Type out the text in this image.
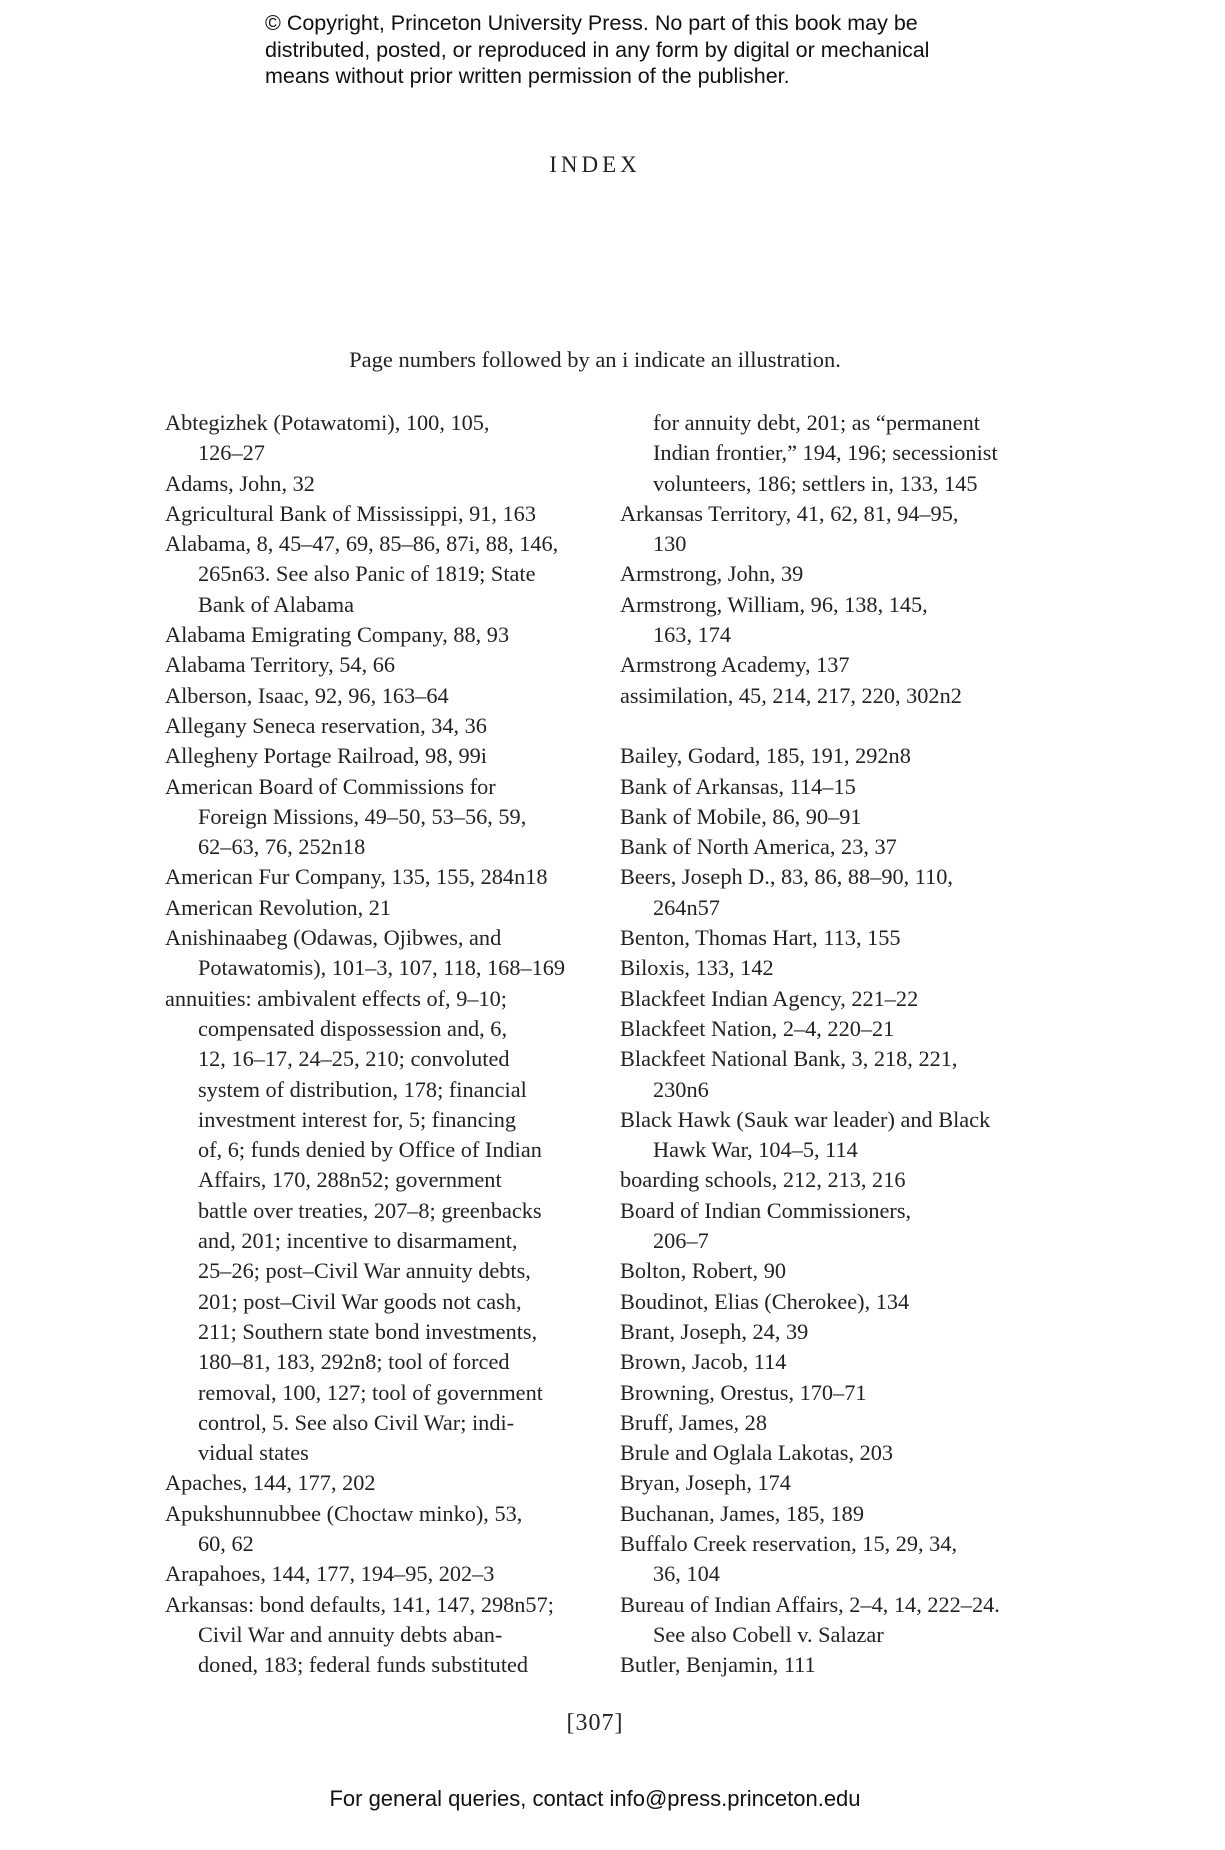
© Copyright, Princeton University Press. No part of this book may be
distributed, posted, or reproduced in any form by digital or mechanical
means without prior written permission of the publisher.
INDEX
Page numbers followed by an i indicate an illustration.
Abtegizhek (Potawatomi), 100, 105,
126–27
Adams, John, 32
Agricultural Bank of Mississippi, 91, 163
Alabama, 8, 45–47, 69, 85–86, 87i, 88, 146,
265n63. See also Panic of 1819; State
Bank of Alabama
Alabama Emigrating Company, 88, 93
Alabama Territory, 54, 66
Alberson, Isaac, 92, 96, 163–64
Allegany Seneca reservation, 34, 36
Allegheny Portage Railroad, 98, 99i
American Board of Commissions for
Foreign Missions, 49–50, 53–56, 59,
62–63, 76, 252n18
American Fur Company, 135, 155, 284n18
American Revolution, 21
Anishinaabeg (Odawas, Ojibwes, and
Potawatomis), 101–3, 107, 118, 168–169
annuities: ambivalent effects of, 9–10;
compensated dispossession and, 6,
12, 16–17, 24–25, 210; convoluted
system of distribution, 178; financial
investment interest for, 5; financing
of, 6; funds denied by Office of Indian
Affairs, 170, 288n52; government
battle over treaties, 207–8; greenbacks
and, 201; incentive to disarmament,
25–26; post–Civil War annuity debts,
201; post–Civil War goods not cash,
211; Southern state bond investments,
180–81, 183, 292n8; tool of forced
removal, 100, 127; tool of government
control, 5. See also Civil War; indi-
vidual states
Apaches, 144, 177, 202
Apukshunnubbee (Choctaw minko), 53,
60, 62
Arapahoes, 144, 177, 194–95, 202–3
Arkansas: bond defaults, 141, 147, 298n57;
Civil War and annuity debts aban-
doned, 183; federal funds substituted
for annuity debt, 201; as “permanent
Indian frontier,” 194, 196; secessionist
volunteers, 186; settlers in, 133, 145
Arkansas Territory, 41, 62, 81, 94–95,
130
Armstrong, John, 39
Armstrong, William, 96, 138, 145,
163, 174
Armstrong Academy, 137
assimilation, 45, 214, 217, 220, 302n2
Bailey, Godard, 185, 191, 292n8
Bank of Arkansas, 114–15
Bank of Mobile, 86, 90–91
Bank of North America, 23, 37
Beers, Joseph D., 83, 86, 88–90, 110,
264n57
Benton, Thomas Hart, 113, 155
Biloxis, 133, 142
Blackfeet Indian Agency, 221–22
Blackfeet Nation, 2–4, 220–21
Blackfeet National Bank, 3, 218, 221,
230n6
Black Hawk (Sauk war leader) and Black
Hawk War, 104–5, 114
boarding schools, 212, 213, 216
Board of Indian Commissioners,
206–7
Bolton, Robert, 90
Boudinot, Elias (Cherokee), 134
Brant, Joseph, 24, 39
Brown, Jacob, 114
Browning, Orestus, 170–71
Bruff, James, 28
Brule and Oglala Lakotas, 203
Bryan, Joseph, 174
Buchanan, James, 185, 189
Buffalo Creek reservation, 15, 29, 34,
36, 104
Bureau of Indian Affairs, 2–4, 14, 222–24.
See also Cobell v. Salazar
Butler, Benjamin, 111
[307]
For general queries, contact info@press.princeton.edu
